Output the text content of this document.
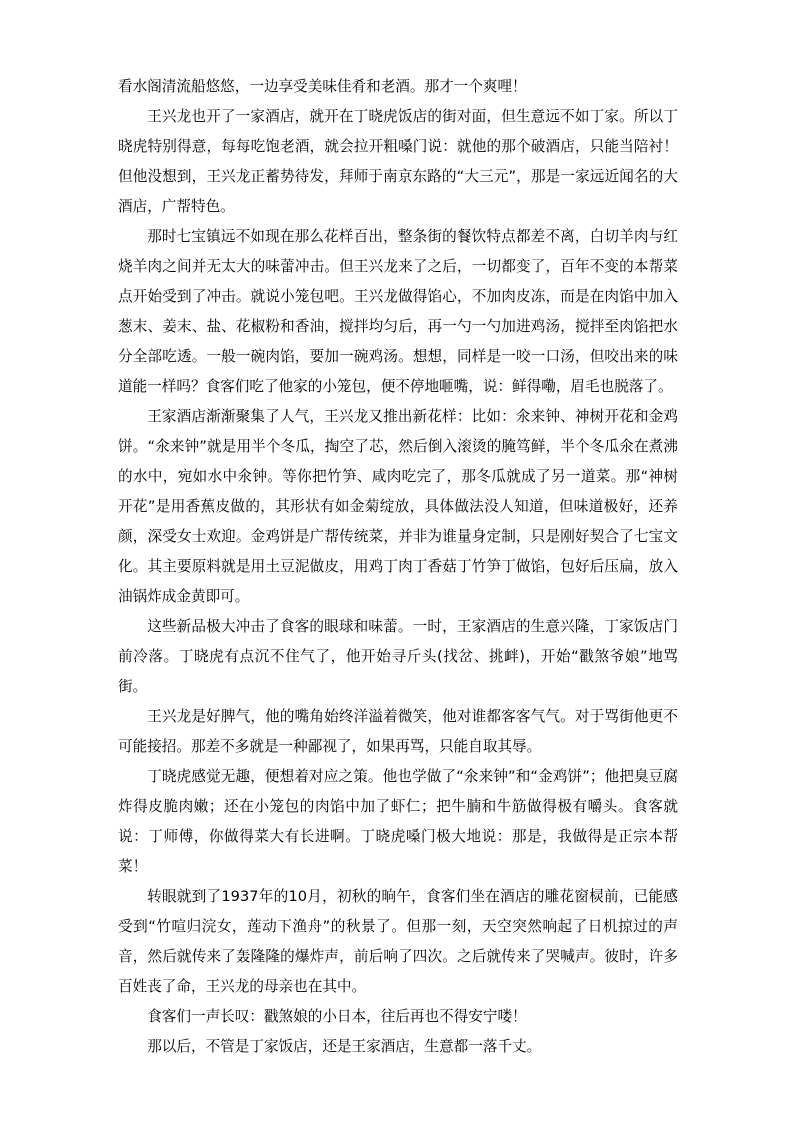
看水阁清流船悠悠，一边享受美味佳肴和老酒。那才一个爽哩！

王兴龙也开了一家酒店，就开在丁晓虎饭店的街对面，但生意远不如丁家。所以丁晓虎特别得意，每每吃饱老酒，就会拉开粗嗓门说：就他的那个破酒店，只能当陪衬！但他没想到，王兴龙正蓄势待发，拜师于南京东路的“大三元”，那是一家远近闻名的大酒店，广帮特色。

那时七宝镇远不如现在那么花样百出，整条街的餐饮特点都差不离，白切羊肉与红烧羊肉之间并无太大的味蕾冲击。但王兴龙来了之后，一切都变了，百年不变的本帮菜点开始受到了冲击。就说小笼包吧。王兴龙做得馅心，不加肉皮冻，而是在肉馅中加入葱末、姜末、盐、花椒粉和香油，搅拌均匀后，再一勺一勺加进鸡汤，搅拌至肉馅把水分全部吃透。一般一碗肉馅，要加一碗鸡汤。想想，同样是一咬一口汤，但咬出来的味道能一样吗？食客们吃了他家的小笼包，便不停地咂嘴，说：鲜得嘞，眉毛也脱落了。

王家酒店渐渐聚集了人气，王兴龙又推出新花样：比如：氽来钟、神树开花和金鸡饼。“氽来钟”就是用半个冬瓜，掏空了芯，然后倒入滚烫的腌笃鲜，半个冬瓜氽在煮沸的水中，宛如水中氽钟。等你把竹笋、咸肉吃完了，那冬瓜就成了另一道菜。那“神树开花”是用香蕉皮做的，其形状有如金菊绽放，具体做法没人知道，但味道极好，还养颜，深受女士欢迎。金鸡饼是广帮传统菜，并非为谁量身定制，只是刚好契合了七宝文化。其主要原料就是用土豆泥做皮，用鸡丁肉丁香菇丁竹笋丁做馅，包好后压扁，放入油锅炸成金黄即可。

这些新品极大冲击了食客的眼球和味蕾。一时，王家酒店的生意兴隆，丁家饭店门前冷落。丁晓虎有点沉不住气了，他开始寻斤头(找岔、挑衅)，开始“戳煞爷娘”地骂街。

王兴龙是好脾气，他的嘴角始终洋溢着微笑，他对谁都客客气气。对于骂街他更不可能接招。那差不多就是一种鄙视了，如果再骂，只能自取其辱。

丁晓虎感觉无趣，便想着对应之策。他也学做了“氽来钟”和“金鸡饼”；他把臭豆腐炸得皮脆肉嫩；还在小笼包的肉馅中加了虾仁；把牛腩和牛筋做得极有嚼头。食客就说：丁师傅，你做得菜大有长进啊。丁晓虎嗓门极大地说：那是，我做得是正宗本帮菜！

转眼就到了1937年的10月，初秋的晌午，食客们坐在酒店的雕花窗棂前，已能感受到“竹喧归浣女，莲动下渔舟”的秋景了。但那一刻，天空突然响起了日机掠过的声音，然后就传来了轰隆隆的爆炸声，前后响了四次。之后就传来了哭喊声。彼时，许多百姓丧了命，王兴龙的母亲也在其中。

食客们一声长叹：戳煞娘的小日本，往后再也不得安宁喽！

那以后，不管是丁家饭店，还是王家酒店，生意都一落千丈。
